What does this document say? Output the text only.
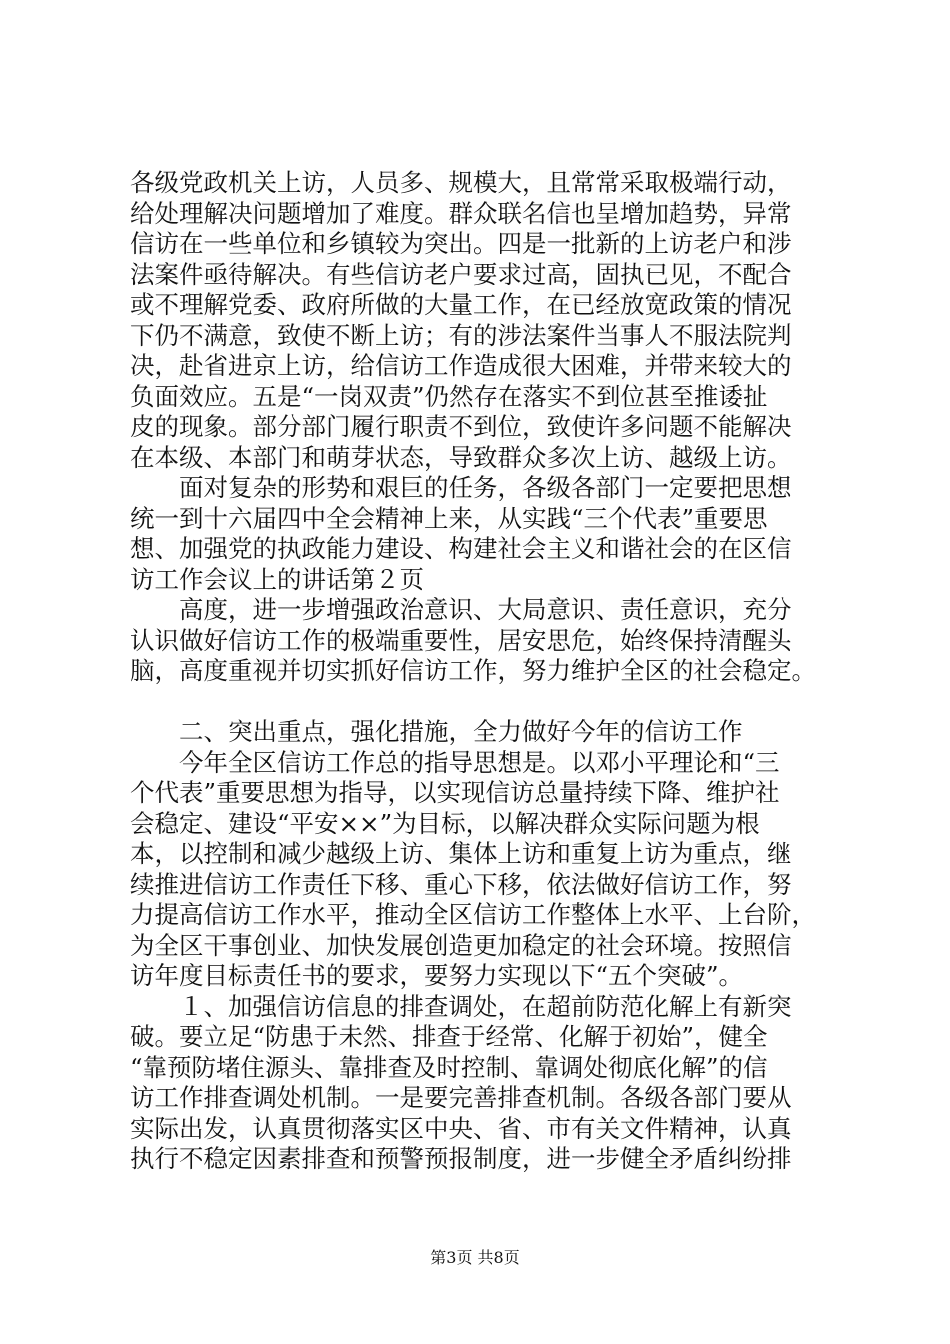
各级党政机关上访，人员多、规模大，且常常采取极端行动，
给处理解决问题增加了难度。群众联名信也呈增加趋势，异常
信访在一些单位和乡镇较为突出。四是一批新的上访老户和涉
法案件亟待解决。有些信访老户要求过高，固执已见，不配合
或不理解党委、政府所做的大量工作，在已经放宽政策的情况
下仍不满意，致使不断上访；有的涉法案件当事人不服法院判
决，赴省进京上访，给信访工作造成很大困难，并带来较大的
负面效应。五是“一岗双责”仍然存在落实不到位甚至推诿扯
皮的现象。部分部门履行职责不到位，致使许多问题不能解决
在本级、本部门和萌芽状态，导致群众多次上访、越级上访。
　　面对复杂的形势和艰巨的任务，各级各部门一定要把思想
统一到十六届四中全会精神上来，从实践“三个代表”重要思
想、加强党的执政能力建设、构建社会主义和谐社会的在区信
访工作会议上的讲话第２页
　　高度，进一步增强政治意识、大局意识、责任意识，充分
认识做好信访工作的极端重要性，居安思危，始终保持清醒头
脑，高度重视并切实抓好信访工作，努力维护全区的社会稳定。
　　二、突出重点，强化措施，全力做好今年的信访工作
　　今年全区信访工作总的指导思想是。以邓小平理论和“三
个代表”重要思想为指导，以实现信访总量持续下降、维护社
会稳定、建设“平安××”为目标，以解决群众实际问题为根
本，以控制和减少越级上访、集体上访和重复上访为重点，继
续推进信访工作责任下移、重心下移，依法做好信访工作，努
力提高信访工作水平，推动全区信访工作整体上水平、上台阶，
为全区干事创业、加快发展创造更加稳定的社会环境。按照信
访年度目标责任书的要求，要努力实现以下“五个突破”。
　　１、加强信访信息的排查调处，在超前防范化解上有新突
破。要立足“防患于未然、排查于经常、化解于初始”，健全
“靠预防堵住源头、靠排查及时控制、靠调处彻底化解”的信
访工作排查调处机制。一是要完善排查机制。各级各部门要从
实际出发，认真贯彻落实区中央、省、市有关文件精神，认真
执行不稳定因素排查和预警预报制度，进一步健全矛盾纠纷排
第3页 共8页
